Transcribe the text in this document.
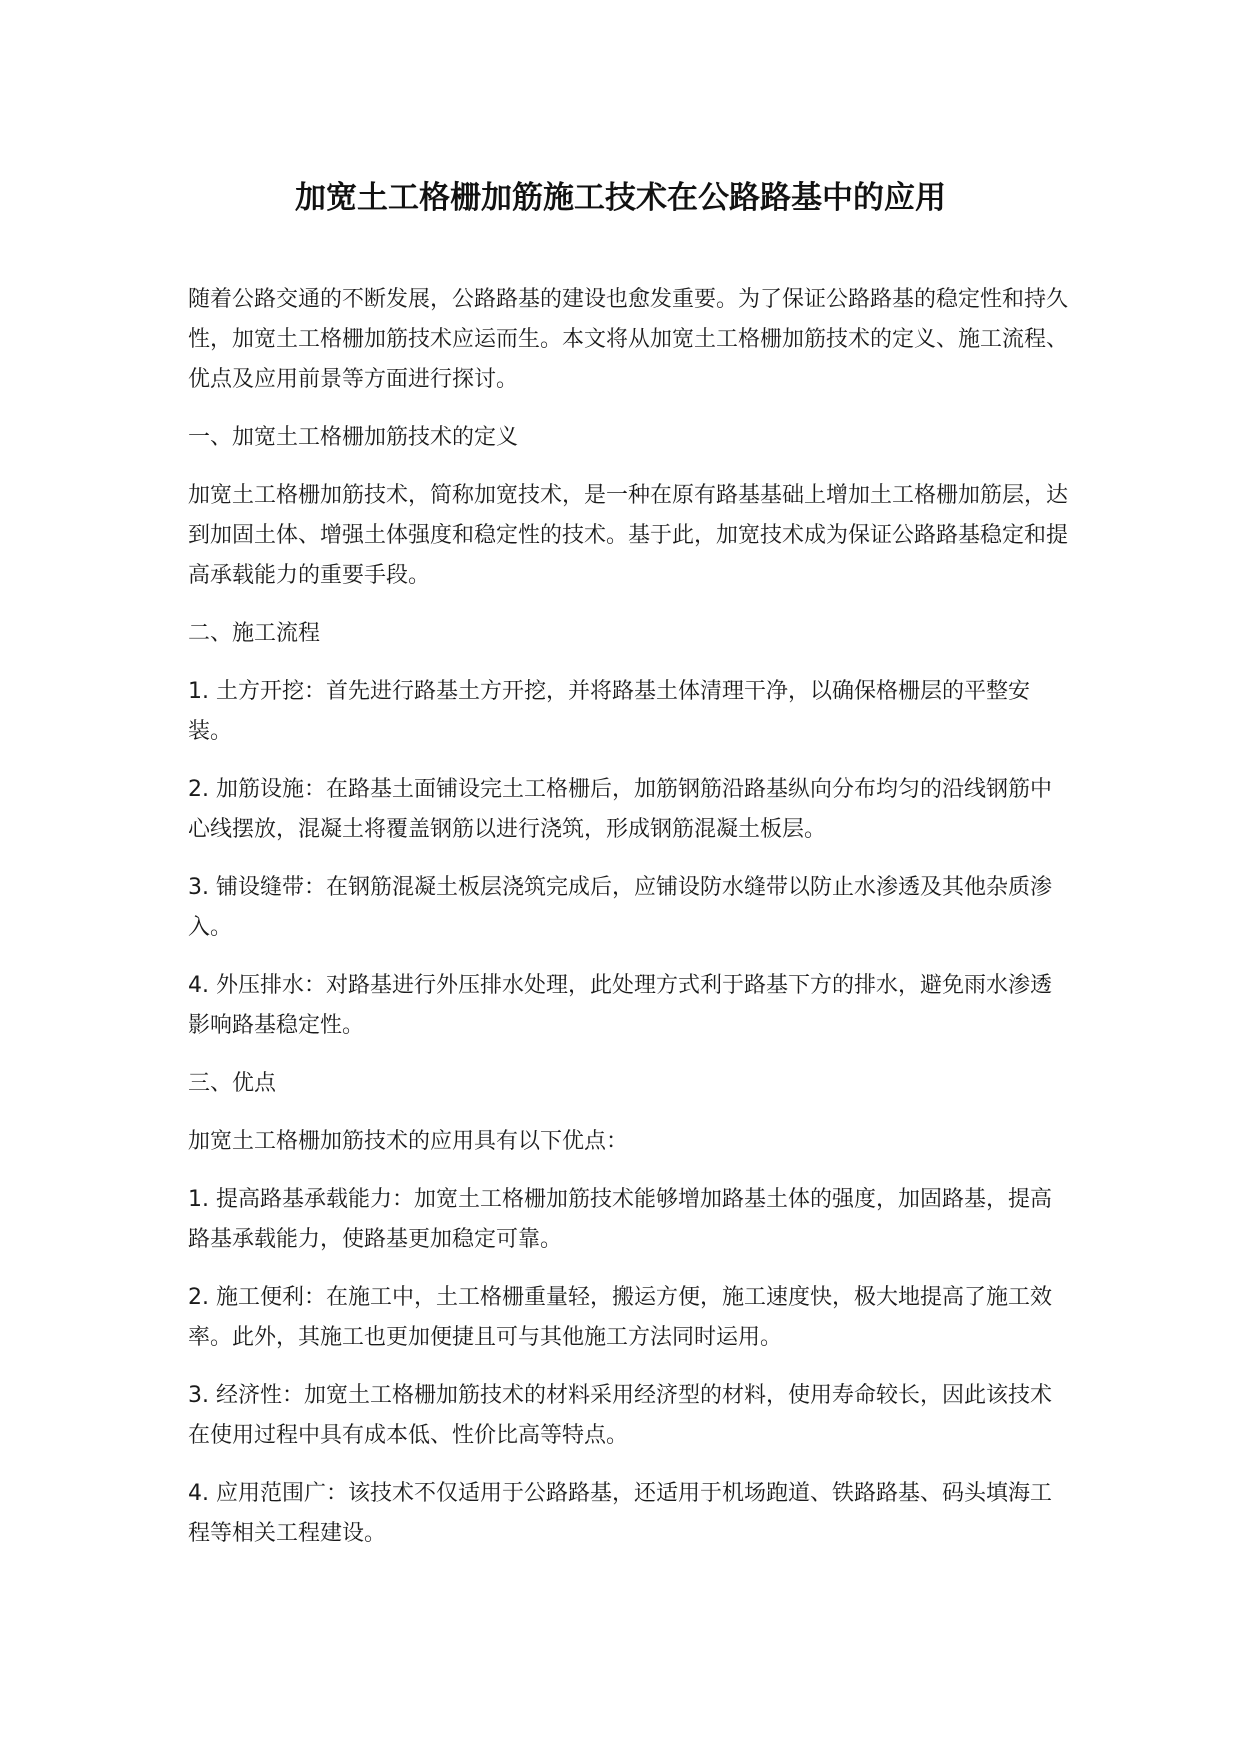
加宽土工格栅加筋施工技术在公路路基中的应用

随着公路交通的不断发展，公路路基的建设也愈发重要。为了保证公路路基的稳定性和持久性，加宽土工格栅加筋技术应运而生。本文将从加宽土工格栅加筋技术的定义、施工流程、优点及应用前景等方面进行探讨。

一、加宽土工格栅加筋技术的定义

加宽土工格栅加筋技术，简称加宽技术，是一种在原有路基基础上增加土工格栅加筋层，达到加固土体、增强土体强度和稳定性的技术。基于此，加宽技术成为保证公路路基稳定和提高承载能力的重要手段。

二、施工流程

1. 土方开挖：首先进行路基土方开挖，并将路基土体清理干净，以确保格栅层的平整安装。

2. 加筋设施：在路基土面铺设完土工格栅后，加筋钢筋沿路基纵向分布均匀的沿线钢筋中心线摆放，混凝土将覆盖钢筋以进行浇筑，形成钢筋混凝土板层。

3. 铺设缝带：在钢筋混凝土板层浇筑完成后，应铺设防水缝带以防止水渗透及其他杂质渗入。

4. 外压排水：对路基进行外压排水处理，此处理方式利于路基下方的排水，避免雨水渗透影响路基稳定性。

三、优点

加宽土工格栅加筋技术的应用具有以下优点：

1. 提高路基承载能力：加宽土工格栅加筋技术能够增加路基土体的强度，加固路基，提高路基承载能力，使路基更加稳定可靠。

2. 施工便利：在施工中，土工格栅重量轻，搬运方便，施工速度快，极大地提高了施工效率。此外，其施工也更加便捷且可与其他施工方法同时运用。

3. 经济性：加宽土工格栅加筋技术的材料采用经济型的材料，使用寿命较长，因此该技术在使用过程中具有成本低、性价比高等特点。

4. 应用范围广：该技术不仅适用于公路路基，还适用于机场跑道、铁路路基、码头填海工程等相关工程建设。
